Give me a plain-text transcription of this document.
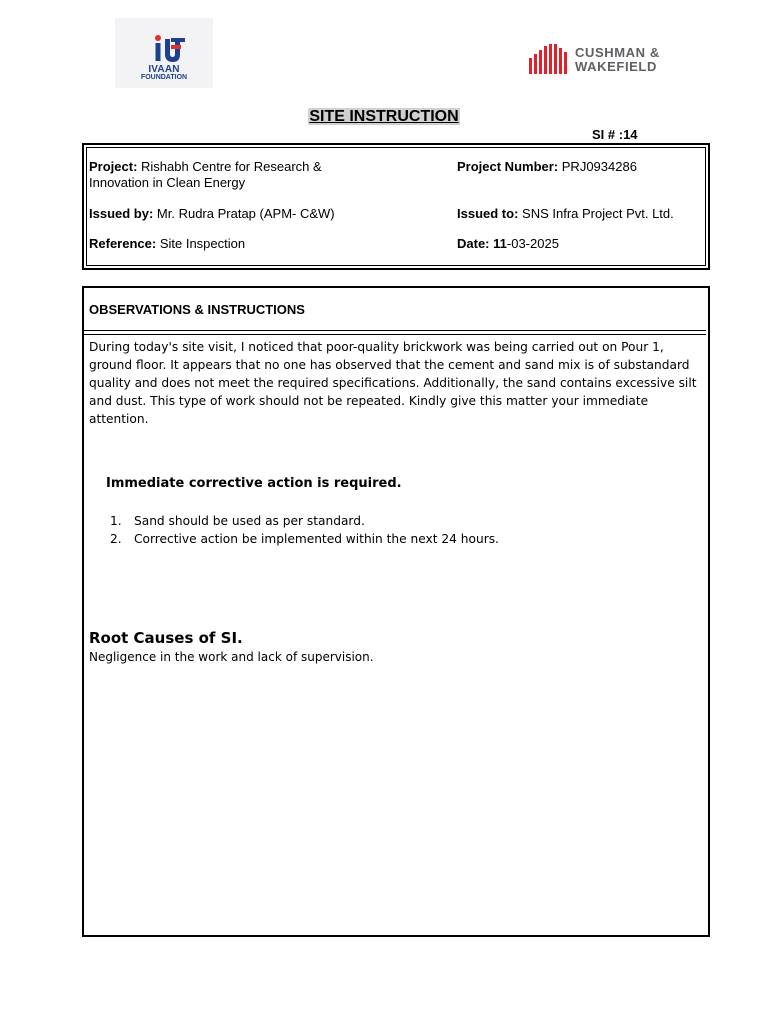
IVAAN
FOUNDATION
CUSHMAN &
WAKEFIELD
SITE INSTRUCTION
SI # :14
Project: Rishabh Centre for Research &
Innovation in Clean Energy
Project Number: PRJ0934286
Issued by: Mr. Rudra Pratap (APM- C&W)	Issued to: SNS Infra Project Pvt. Ltd.
Reference: Site Inspection	Date: 11-03-2025
OBSERVATIONS & INSTRUCTIONS
During today's site visit, I noticed that poor-quality brickwork was being carried out on Pour 1, ground floor. It appears that no one has observed that the cement and sand mix is of substandard quality and does not meet the required specifications. Additionally, the sand contains excessive silt and dust. This type of work should not be repeated. Kindly give this matter your immediate attention.
Immediate corrective action is required.
1. Sand should be used as per standard.
2. Corrective action be implemented within the next 24 hours.
Root Causes of SI.
Negligence in the work and lack of supervision.
